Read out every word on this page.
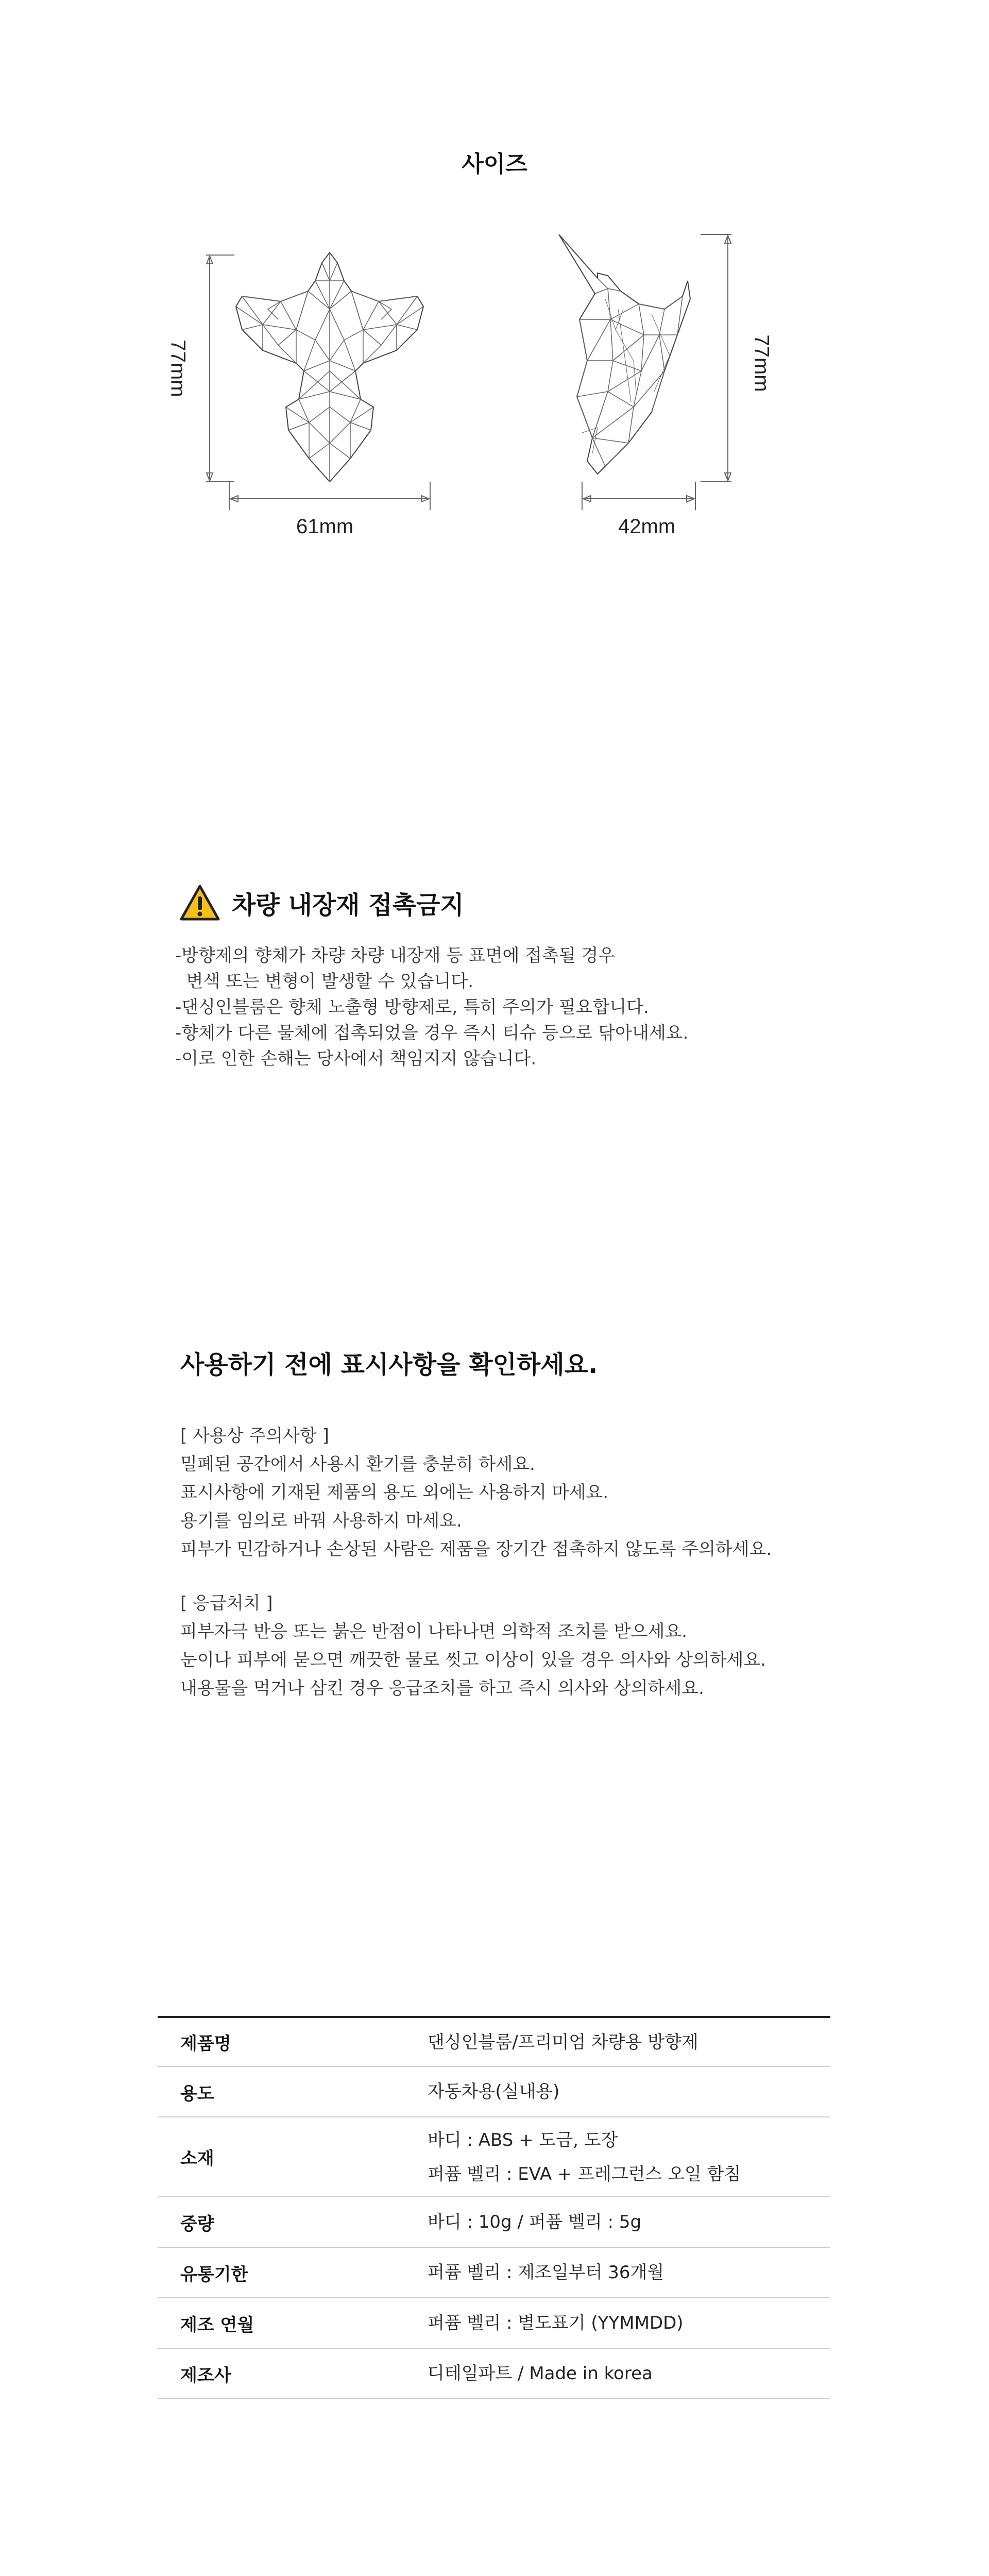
사이즈
77mm
61mm
77mm
42mm
차량 내장재 접촉금지
-방향제의 향체가 차량 차량 내장재 등 표면에 접촉될 경우
변색 또는 변형이 발생할 수 있습니다.
-댄싱인블룸은 향체 노출형 방향제로, 특히 주의가 필요합니다.
-향체가 다른 물체에 접촉되었을 경우 즉시 티슈 등으로 닦아내세요.
-이로 인한 손해는 당사에서 책임지지 않습니다.
사용하기 전에 표시사항을 확인하세요.
[ 사용상 주의사항 ]
밀폐된 공간에서 사용시 환기를 충분히 하세요.
표시사항에 기재된 제품의 용도 외에는 사용하지 마세요.
용기를 임의로 바꿔 사용하지 마세요.
피부가 민감하거나 손상된 사람은 제품을 장기간 접촉하지 않도록 주의하세요.
[ 응급처치 ]
피부자극 반응 또는 붉은 반점이 나타나면 의학적 조치를 받으세요.
눈이나 피부에 묻으면 깨끗한 물로 씻고 이상이 있을 경우 의사와 상의하세요.
내용물을 먹거나 삼킨 경우 응급조치를 하고 즉시 의사와 상의하세요.
제품명	댄싱인블룸/프리미엄 차량용 방향제

용도	자동차용(실내용)

소재	바디 : ABS + 도금, 도장
퍼퓸 벨리 : EVA + 프레그런스 오일 함침

중량	바디 : 10g / 퍼퓸 벨리 : 5g

유통기한	퍼퓸 벨리 : 제조일부터 36개월

제조 연월	퍼퓸 벨리 : 별도표기 (YYMMDD)

제조사	디테일파트 / Made in korea
